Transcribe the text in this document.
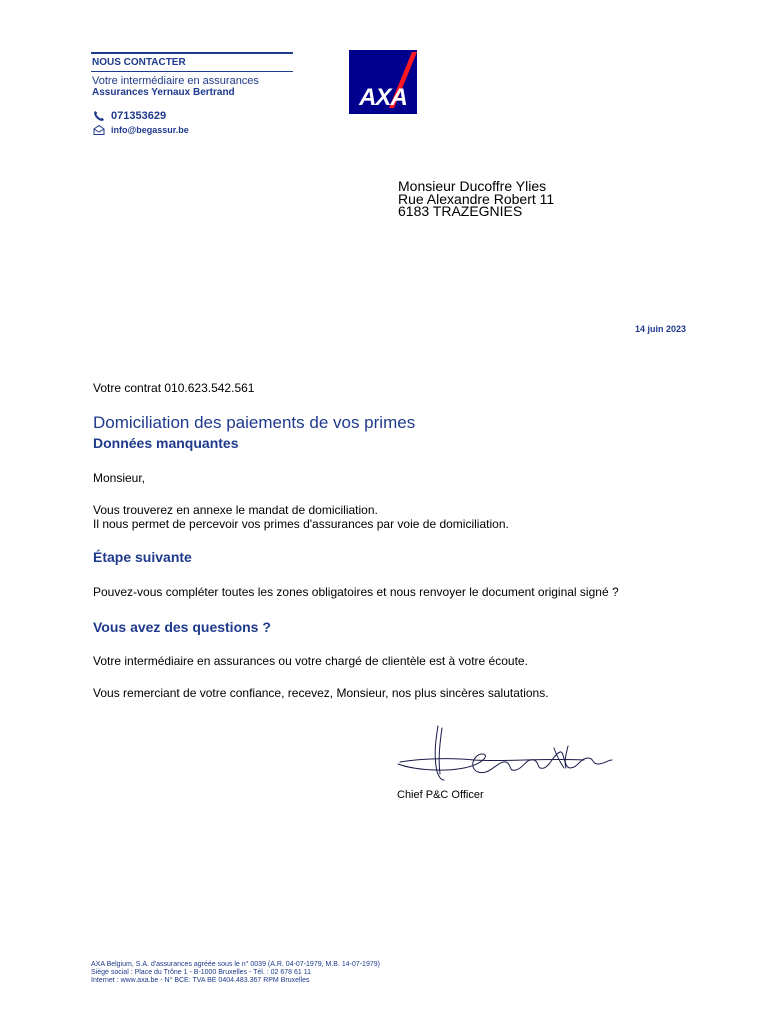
NOUS CONTACTER
Votre intermédiaire en assurances
Assurances Yernaux Bertrand
071353629
info@begassur.be
AXA
Monsieur Ducoffre Ylies
Rue Alexandre Robert 11
6183 TRAZEGNIES
14 juin 2023
Votre contrat 010.623.542.561
Domiciliation des paiements de vos primes
Données manquantes
Monsieur,
Vous trouverez en annexe le mandat de domiciliation.
Il nous permet de percevoir vos primes d'assurances par voie de domiciliation.
Étape suivante
Pouvez-vous compléter toutes les zones obligatoires et nous renvoyer le document original signé ?
Vous avez des questions ?
Votre intermédiaire en assurances ou votre chargé de clientèle est à votre écoute.
Vous remerciant de votre confiance, recevez, Monsieur, nos plus sincères salutations.
Chief P&C Officer
AXA Belgium, S.A. d'assurances agréée sous le n° 0039 (A.R. 04-07-1979, M.B. 14-07-1979)
Siège social : Place du Trône 1 - B-1000 Bruxelles - Tél. : 02 678 61 11
Internet : www.axa.be - N° BCE: TVA BE 0404.483.367 RPM Bruxelles
